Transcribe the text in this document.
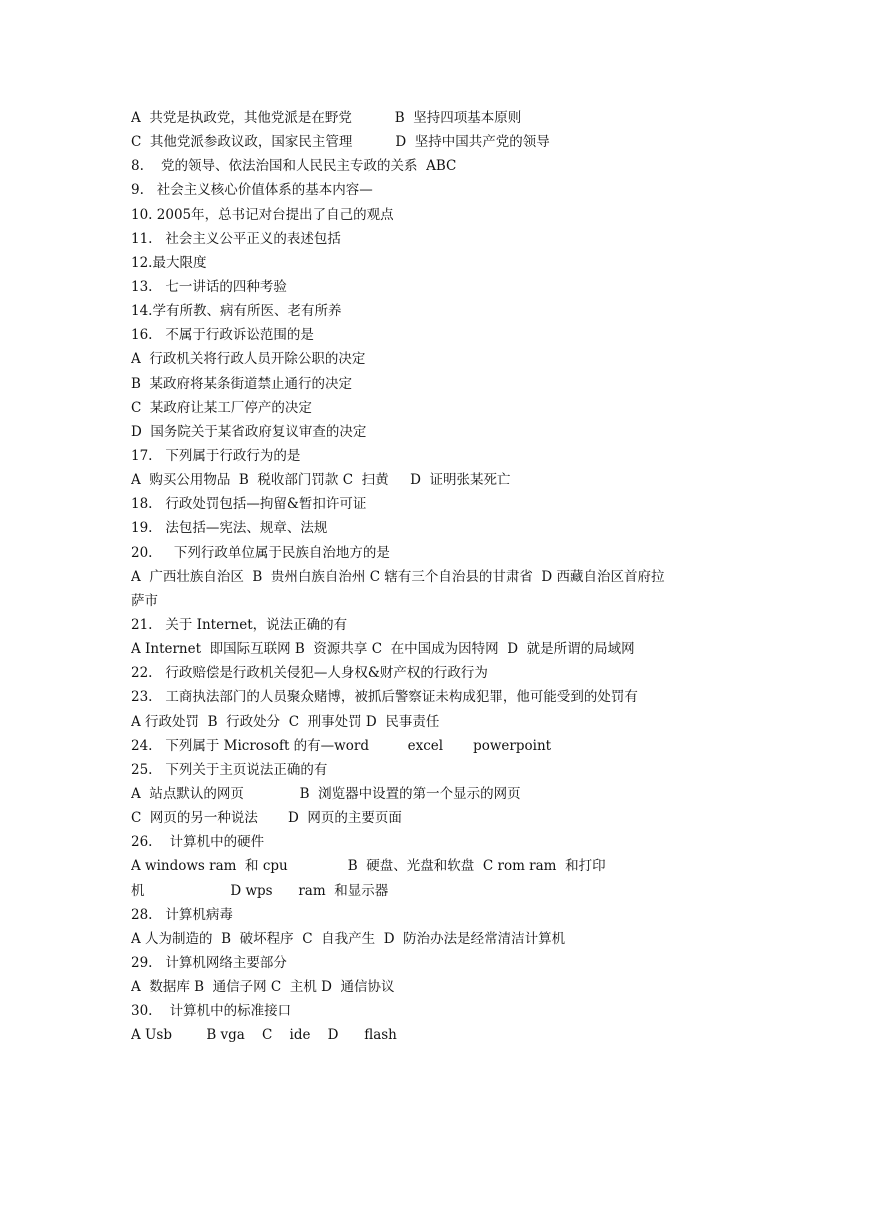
A  共党是执政党，其他党派是在野党          B  坚持四项基本原则
C  其他党派参政议政，国家民主管理          D  坚持中国共产党的领导
8.    党的领导、依法治国和人民民主专政的关系  ABC
9.   社会主义核心价值体系的基本内容—
10. 2005年，总书记对台提出了自己的观点
11.   社会主义公平正义的表述包括
12.最大限度
13.   七一讲话的四种考验
14.学有所教、病有所医、老有所养
16.   不属于行政诉讼范围的是
A  行政机关将行政人员开除公职的决定
B  某政府将某条街道禁止通行的决定
C  某政府让某工厂停产的决定
D  国务院关于某省政府复议审查的决定
17.   下列属于行政行为的是
A  购买公用物品  B  税收部门罚款 C  扫黄     D  证明张某死亡
18.   行政处罚包括—拘留&暂扣许可证
19.   法包括—宪法、规章、法规
20.     下列行政单位属于民族自治地方的是
A  广西壮族自治区  B  贵州白族自治州 C 辖有三个自治县的甘肃省  D 西藏自治区首府拉
萨市
21.   关于 Internet，说法正确的有
A Internet  即国际互联网 B  资源共享 C  在中国成为因特网  D  就是所谓的局域网
22.   行政赔偿是行政机关侵犯—人身权&财产权的行政行为
23.   工商执法部门的人员聚众赌博，被抓后警察证未构成犯罪，他可能受到的处罚有
A 行政处罚  B  行政处分  C  刑事处罚 D  民事责任
24.   下列属于 Microsoft 的有—word         excel       powerpoint
25.   下列关于主页说法正确的有
A  站点默认的网页             B  浏览器中设置的第一个显示的网页
C  网页的另一种说法       D  网页的主要页面
26.    计算机中的硬件
A windows ram  和 cpu              B  硬盘、光盘和软盘  C rom ram  和打印
机                    D wps      ram  和显示器
28.   计算机病毒
A 人为制造的  B  破坏程序  C  自我产生  D  防治办法是经常清洁计算机
29.   计算机网络主要部分
A  数据库 B  通信子网 C  主机 D  通信协议
30.    计算机中的标准接口
A Usb        B vga    C    ide    D      flash
